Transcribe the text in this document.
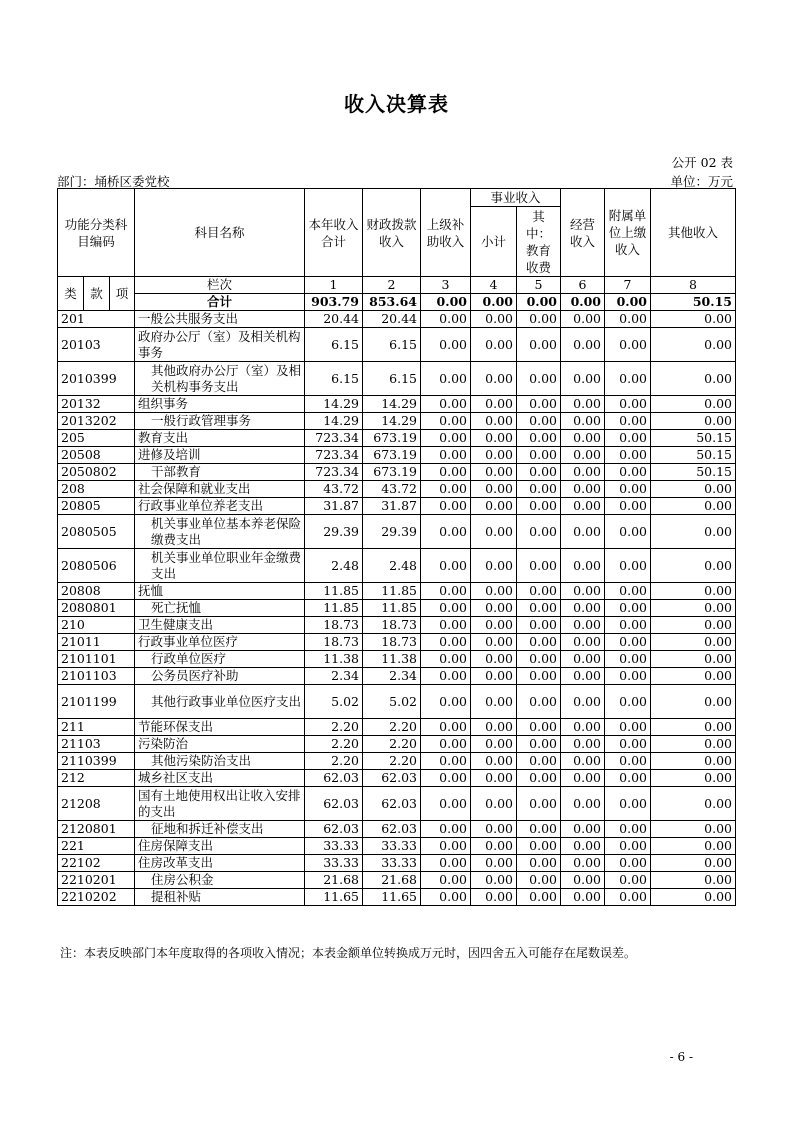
收入决算表
公开 02 表
部门：埇桥区委党校	单位：万元
功能分类科目编码			科目名称	本年收入合计	财政拨款收入	上级补助收入	事业收入		经营收入	附属单位上缴收入	其他收入
							小计	其中：教育收费			
类	款	项	栏次	1	2	3	4	5	6	7	8
			合计	903.79	853.64	0.00	0.00	0.00	0.00	0.00	50.15
201			一般公共服务支出	20.44	20.44	0.00	0.00	0.00	0.00	0.00	0.00
20103			政府办公厅（室）及相关机构事务	6.15	6.15	0.00	0.00	0.00	0.00	0.00	0.00
2010399			其他政府办公厅（室）及相关机构事务支出	6.15	6.15	0.00	0.00	0.00	0.00	0.00	0.00
20132			组织事务	14.29	14.29	0.00	0.00	0.00	0.00	0.00	0.00
2013202			一般行政管理事务	14.29	14.29	0.00	0.00	0.00	0.00	0.00	0.00
205			教育支出	723.34	673.19	0.00	0.00	0.00	0.00	0.00	50.15
20508			进修及培训	723.34	673.19	0.00	0.00	0.00	0.00	0.00	50.15
2050802			干部教育	723.34	673.19	0.00	0.00	0.00	0.00	0.00	50.15
208			社会保障和就业支出	43.72	43.72	0.00	0.00	0.00	0.00	0.00	0.00
20805			行政事业单位养老支出	31.87	31.87	0.00	0.00	0.00	0.00	0.00	0.00
2080505			机关事业单位基本养老保险缴费支出	29.39	29.39	0.00	0.00	0.00	0.00	0.00	0.00
2080506			机关事业单位职业年金缴费支出	2.48	2.48	0.00	0.00	0.00	0.00	0.00	0.00
20808			抚恤	11.85	11.85	0.00	0.00	0.00	0.00	0.00	0.00
2080801			死亡抚恤	11.85	11.85	0.00	0.00	0.00	0.00	0.00	0.00
210			卫生健康支出	18.73	18.73	0.00	0.00	0.00	0.00	0.00	0.00
21011			行政事业单位医疗	18.73	18.73	0.00	0.00	0.00	0.00	0.00	0.00
2101101			行政单位医疗	11.38	11.38	0.00	0.00	0.00	0.00	0.00	0.00
2101103			公务员医疗补助	2.34	2.34	0.00	0.00	0.00	0.00	0.00	0.00
2101199			其他行政事业单位医疗支出	5.02	5.02	0.00	0.00	0.00	0.00	0.00	0.00
211			节能环保支出	2.20	2.20	0.00	0.00	0.00	0.00	0.00	0.00
21103			污染防治	2.20	2.20	0.00	0.00	0.00	0.00	0.00	0.00
2110399			其他污染防治支出	2.20	2.20	0.00	0.00	0.00	0.00	0.00	0.00
212			城乡社区支出	62.03	62.03	0.00	0.00	0.00	0.00	0.00	0.00
21208			国有土地使用权出让收入安排的支出	62.03	62.03	0.00	0.00	0.00	0.00	0.00	0.00
2120801			征地和拆迁补偿支出	62.03	62.03	0.00	0.00	0.00	0.00	0.00	0.00
221			住房保障支出	33.33	33.33	0.00	0.00	0.00	0.00	0.00	0.00
22102			住房改革支出	33.33	33.33	0.00	0.00	0.00	0.00	0.00	0.00
2210201			住房公积金	21.68	21.68	0.00	0.00	0.00	0.00	0.00	0.00
2210202			提租补贴	11.65	11.65	0.00	0.00	0.00	0.00	0.00	0.00
注：本表反映部门本年度取得的各项收入情况；本表金额单位转换成万元时，因四舍五入可能存在尾数误差。
- 6 -
